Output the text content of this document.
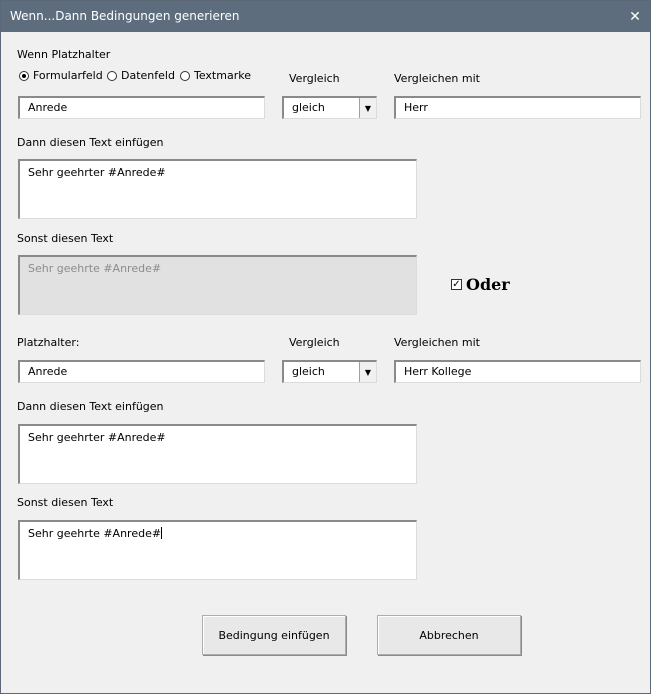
Wenn...Dann Bedingungen generieren	✕
Wenn Platzhalter
Formularfeld Datenfeld Textmarke	Vergleich	Vergleichen mit
Anrede	gleich	▼	Herr
Dann diesen Text einfügen
Sehr geehrter #Anrede#
Sonst diesen Text
Sehr geehrte #Anrede#
✓ Oder
Platzhalter:	Vergleich	Vergleichen mit
Anrede	gleich	▼	Herr Kollege
Dann diesen Text einfügen
Sehr geehrter #Anrede#
Sonst diesen Text
Sehr geehrte #Anrede#
Bedingung einfügen	Abbrechen
